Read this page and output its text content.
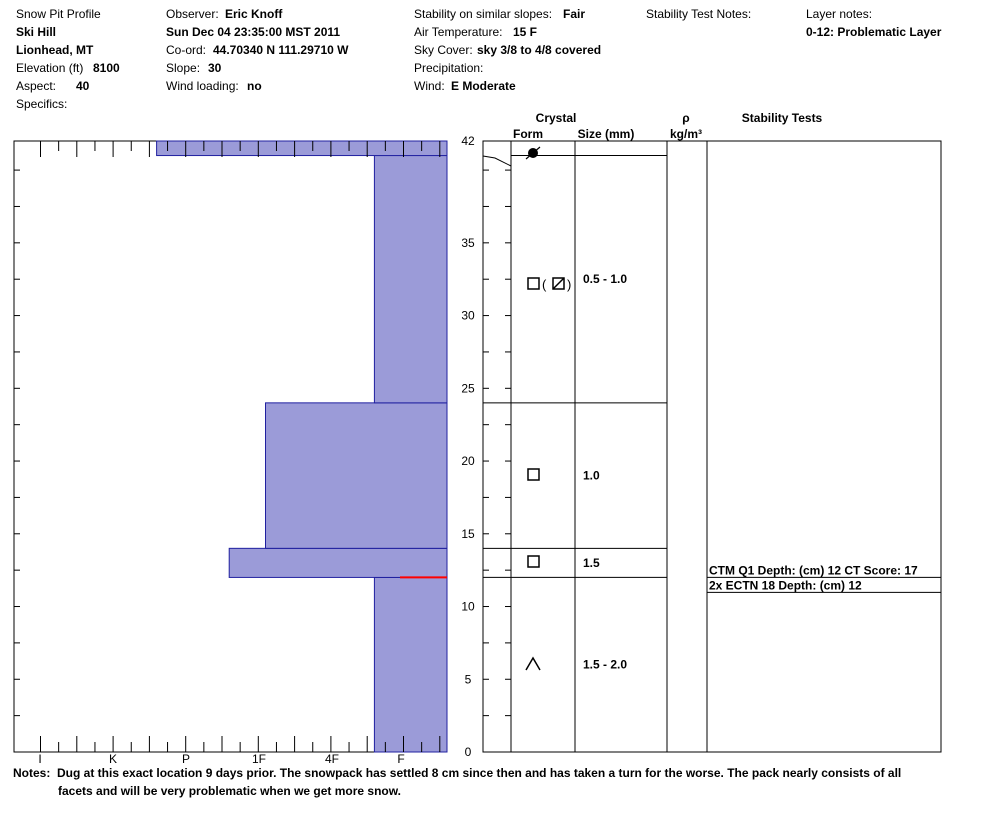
Snow Pit Profile
Ski Hill
Lionhead, MT
Elevation (ft) 8100
Aspect: 40
Specifics:
Observer: Eric Knoff
Sun Dec 04 23:35:00 MST 2011
Co-ord: 44.70340 N 111.29710 W
Slope: 30
Wind loading: no
Stability on similar slopes: Fair
Air Temperature: 15 F
Sky Cover: sky 3/8 to 4/8 covered
Precipitation:
Wind: E Moderate
Stability Test Notes:	Layer notes:
0-12: Problematic Layer
Crystal
Form	Size (mm)
ρ
kg/m³
Stability Tests
I	K	P	1F	4F	F	0
5
10
15
20
25
30
35
42
0.5 - 1.0
1.0
1.5
1.5 - 2.0
( )
CTM Q1 Depth: (cm) 12 CT Score: 17
2x ECTN 18 Depth: (cm) 12
Notes: Dug at this exact location 9 days prior. The snowpack has settled 8 cm since then and has taken a turn for the worse. The pack nearly consists of all
facets and will be very problematic when we get more snow.
